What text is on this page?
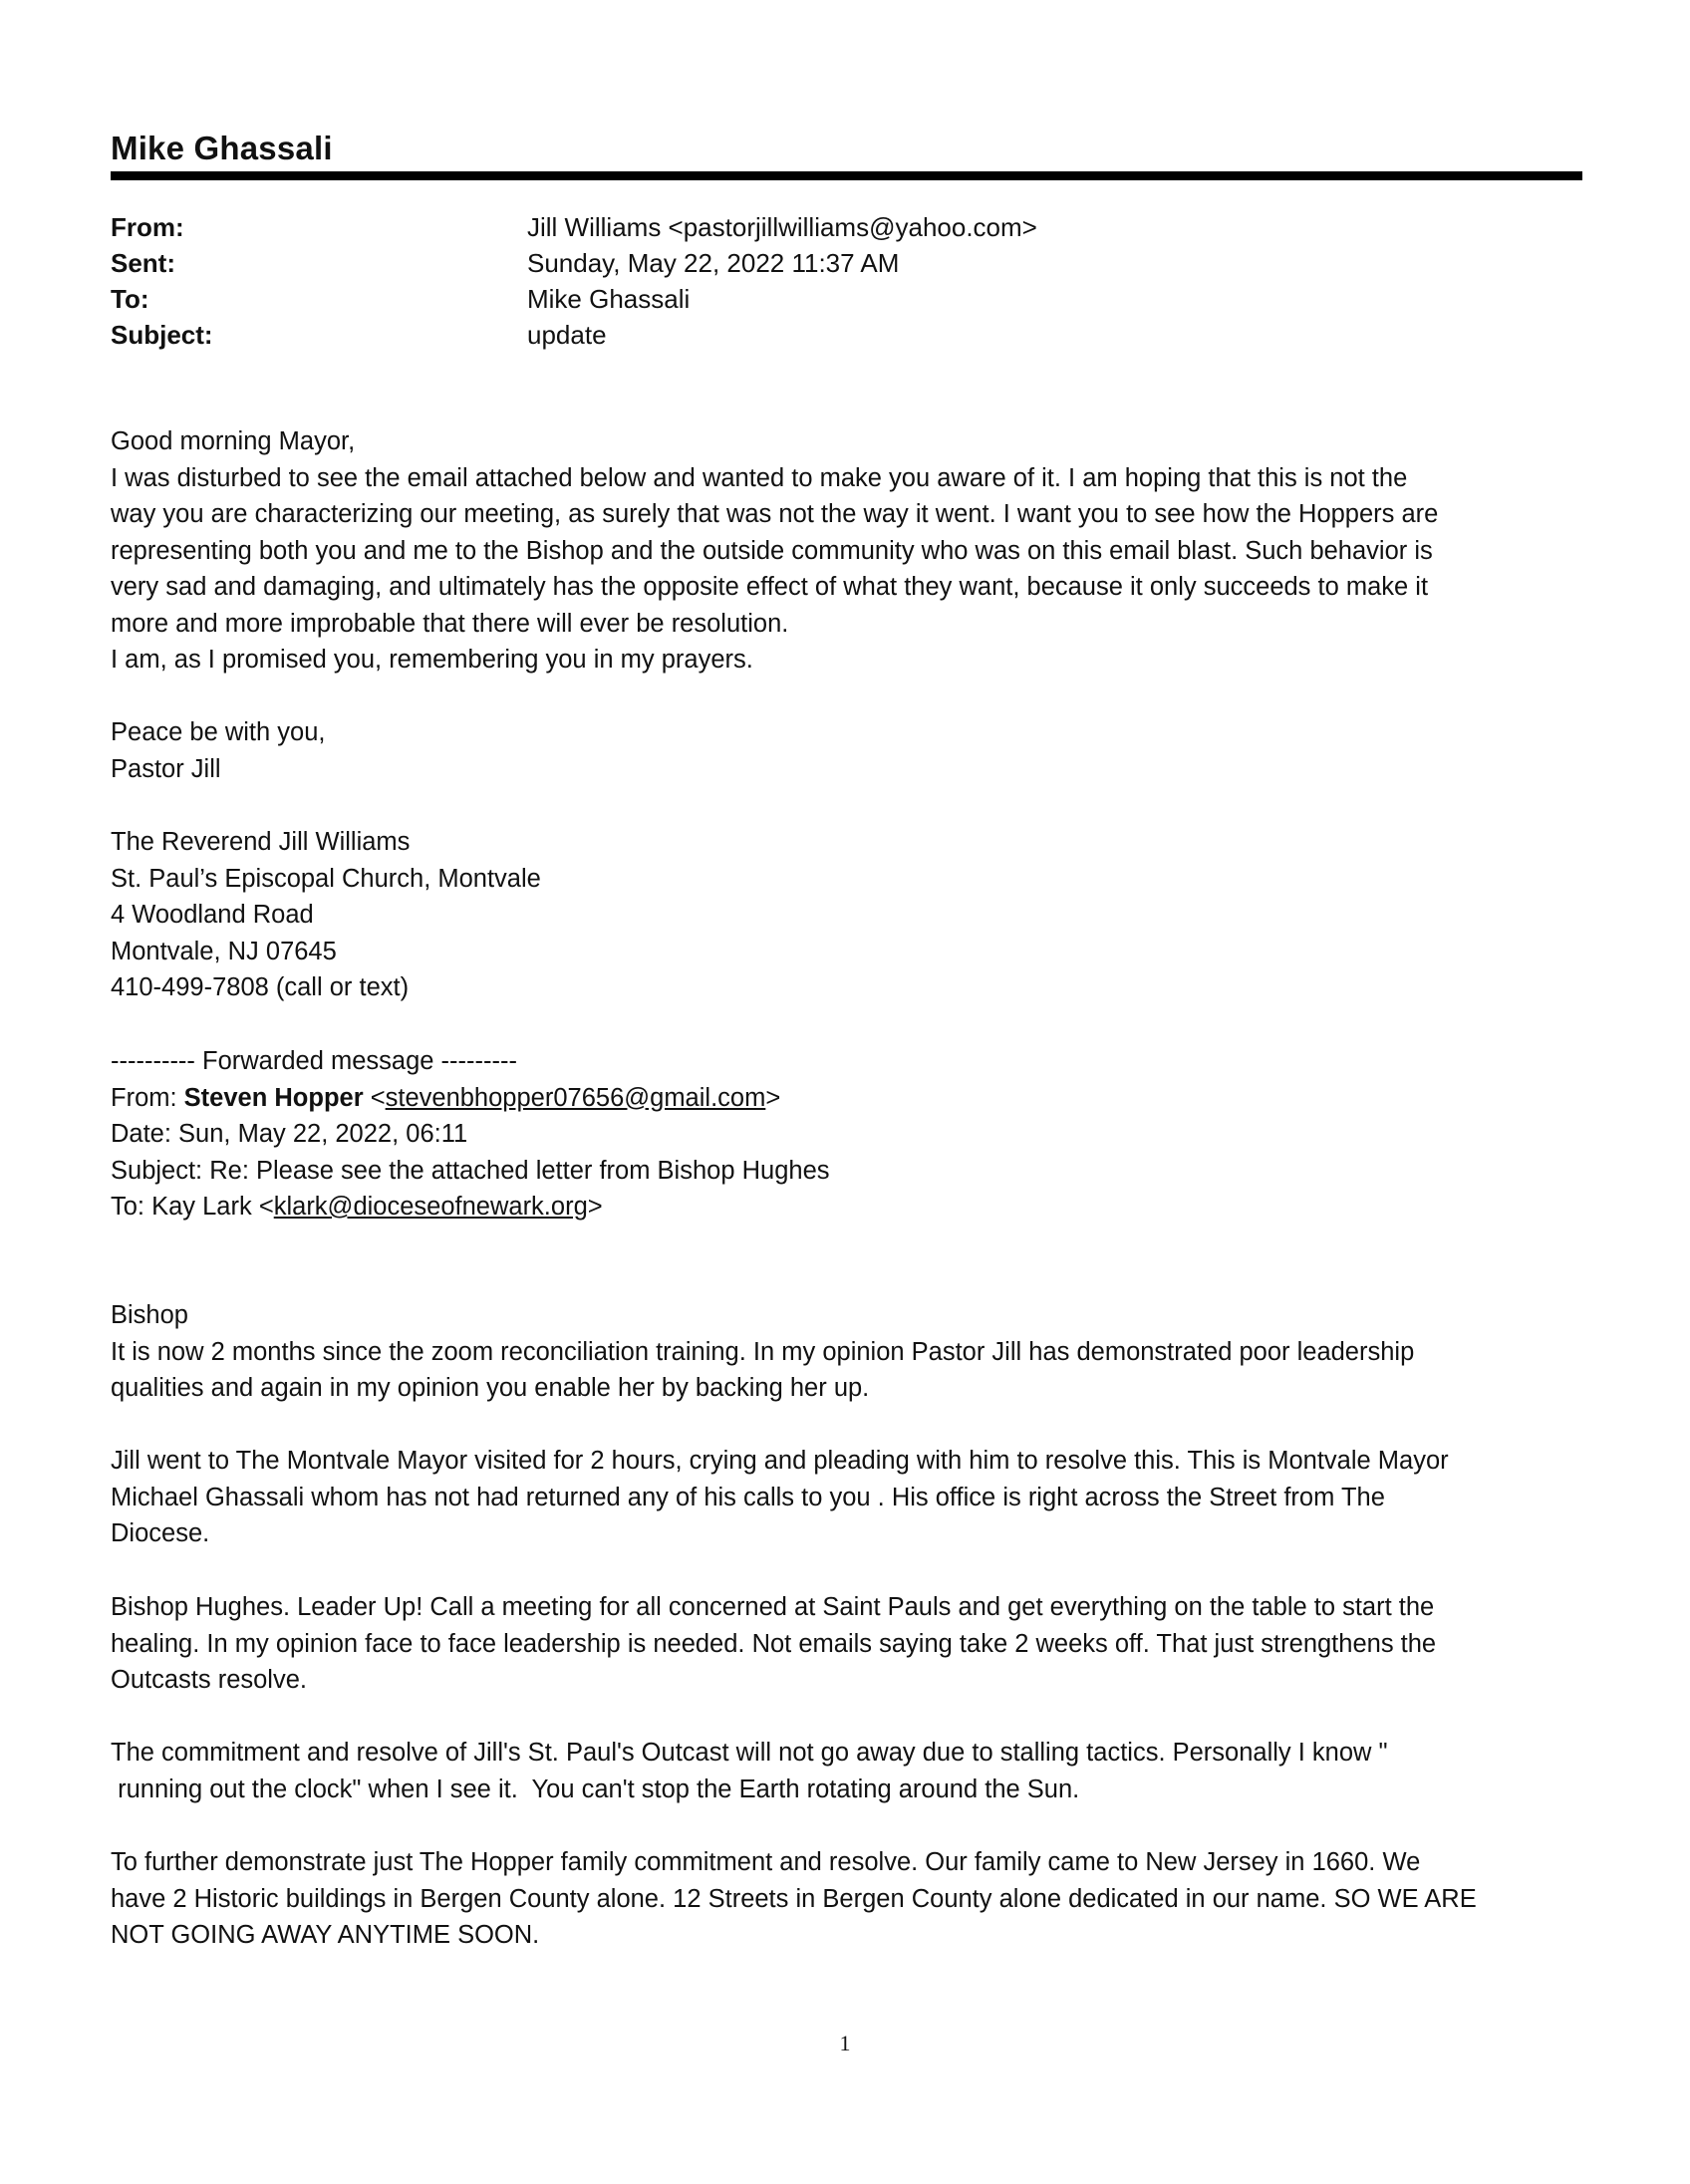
Mike Ghassali
From:	Jill Williams <pastorjillwilliams@yahoo.com>
Sent:	Sunday, May 22, 2022 11:37 AM
To:	Mike Ghassali
Subject:	update
Good morning Mayor,
I was disturbed to see the email attached below and wanted to make you aware of it. I am hoping that this is not the
way you are characterizing our meeting, as surely that was not the way it went. I want you to see how the Hoppers are
representing both you and me to the Bishop and the outside community who was on this email blast. Such behavior is
very sad and damaging, and ultimately has the opposite effect of what they want, because it only succeeds to make it
more and more improbable that there will ever be resolution.
I am, as I promised you, remembering you in my prayers.
Peace be with you,
Pastor Jill
The Reverend Jill Williams
St. Paul’s Episcopal Church, Montvale
4 Woodland Road
Montvale, NJ 07645
410-499-7808 (call or text)
---------- Forwarded message ---------
From: Steven Hopper <stevenbhopper07656@gmail.com>
Date: Sun, May 22, 2022, 06:11
Subject: Re: Please see the attached letter from Bishop Hughes
To: Kay Lark <klark@dioceseofnewark.org>
Bishop
It is now 2 months since the zoom reconciliation training. In my opinion Pastor Jill has demonstrated poor leadership
qualities and again in my opinion you enable her by backing her up.
Jill went to The Montvale Mayor visited for 2 hours, crying and pleading with him to resolve this. This is Montvale Mayor
Michael Ghassali whom has not had returned any of his calls to you . His office is right across the Street from The
Diocese.
Bishop Hughes. Leader Up! Call a meeting for all concerned at Saint Pauls and get everything on the table to start the
healing. In my opinion face to face leadership is needed. Not emails saying take 2 weeks off. That just strengthens the
Outcasts resolve.
The commitment and resolve of Jill's St. Paul's Outcast will not go away due to stalling tactics. Personally I know "
running out the clock" when I see it.  You can't stop the Earth rotating around the Sun.
To further demonstrate just The Hopper family commitment and resolve. Our family came to New Jersey in 1660. We
have 2 Historic buildings in Bergen County alone. 12 Streets in Bergen County alone dedicated in our name. SO WE ARE
NOT GOING AWAY ANYTIME SOON.
1
